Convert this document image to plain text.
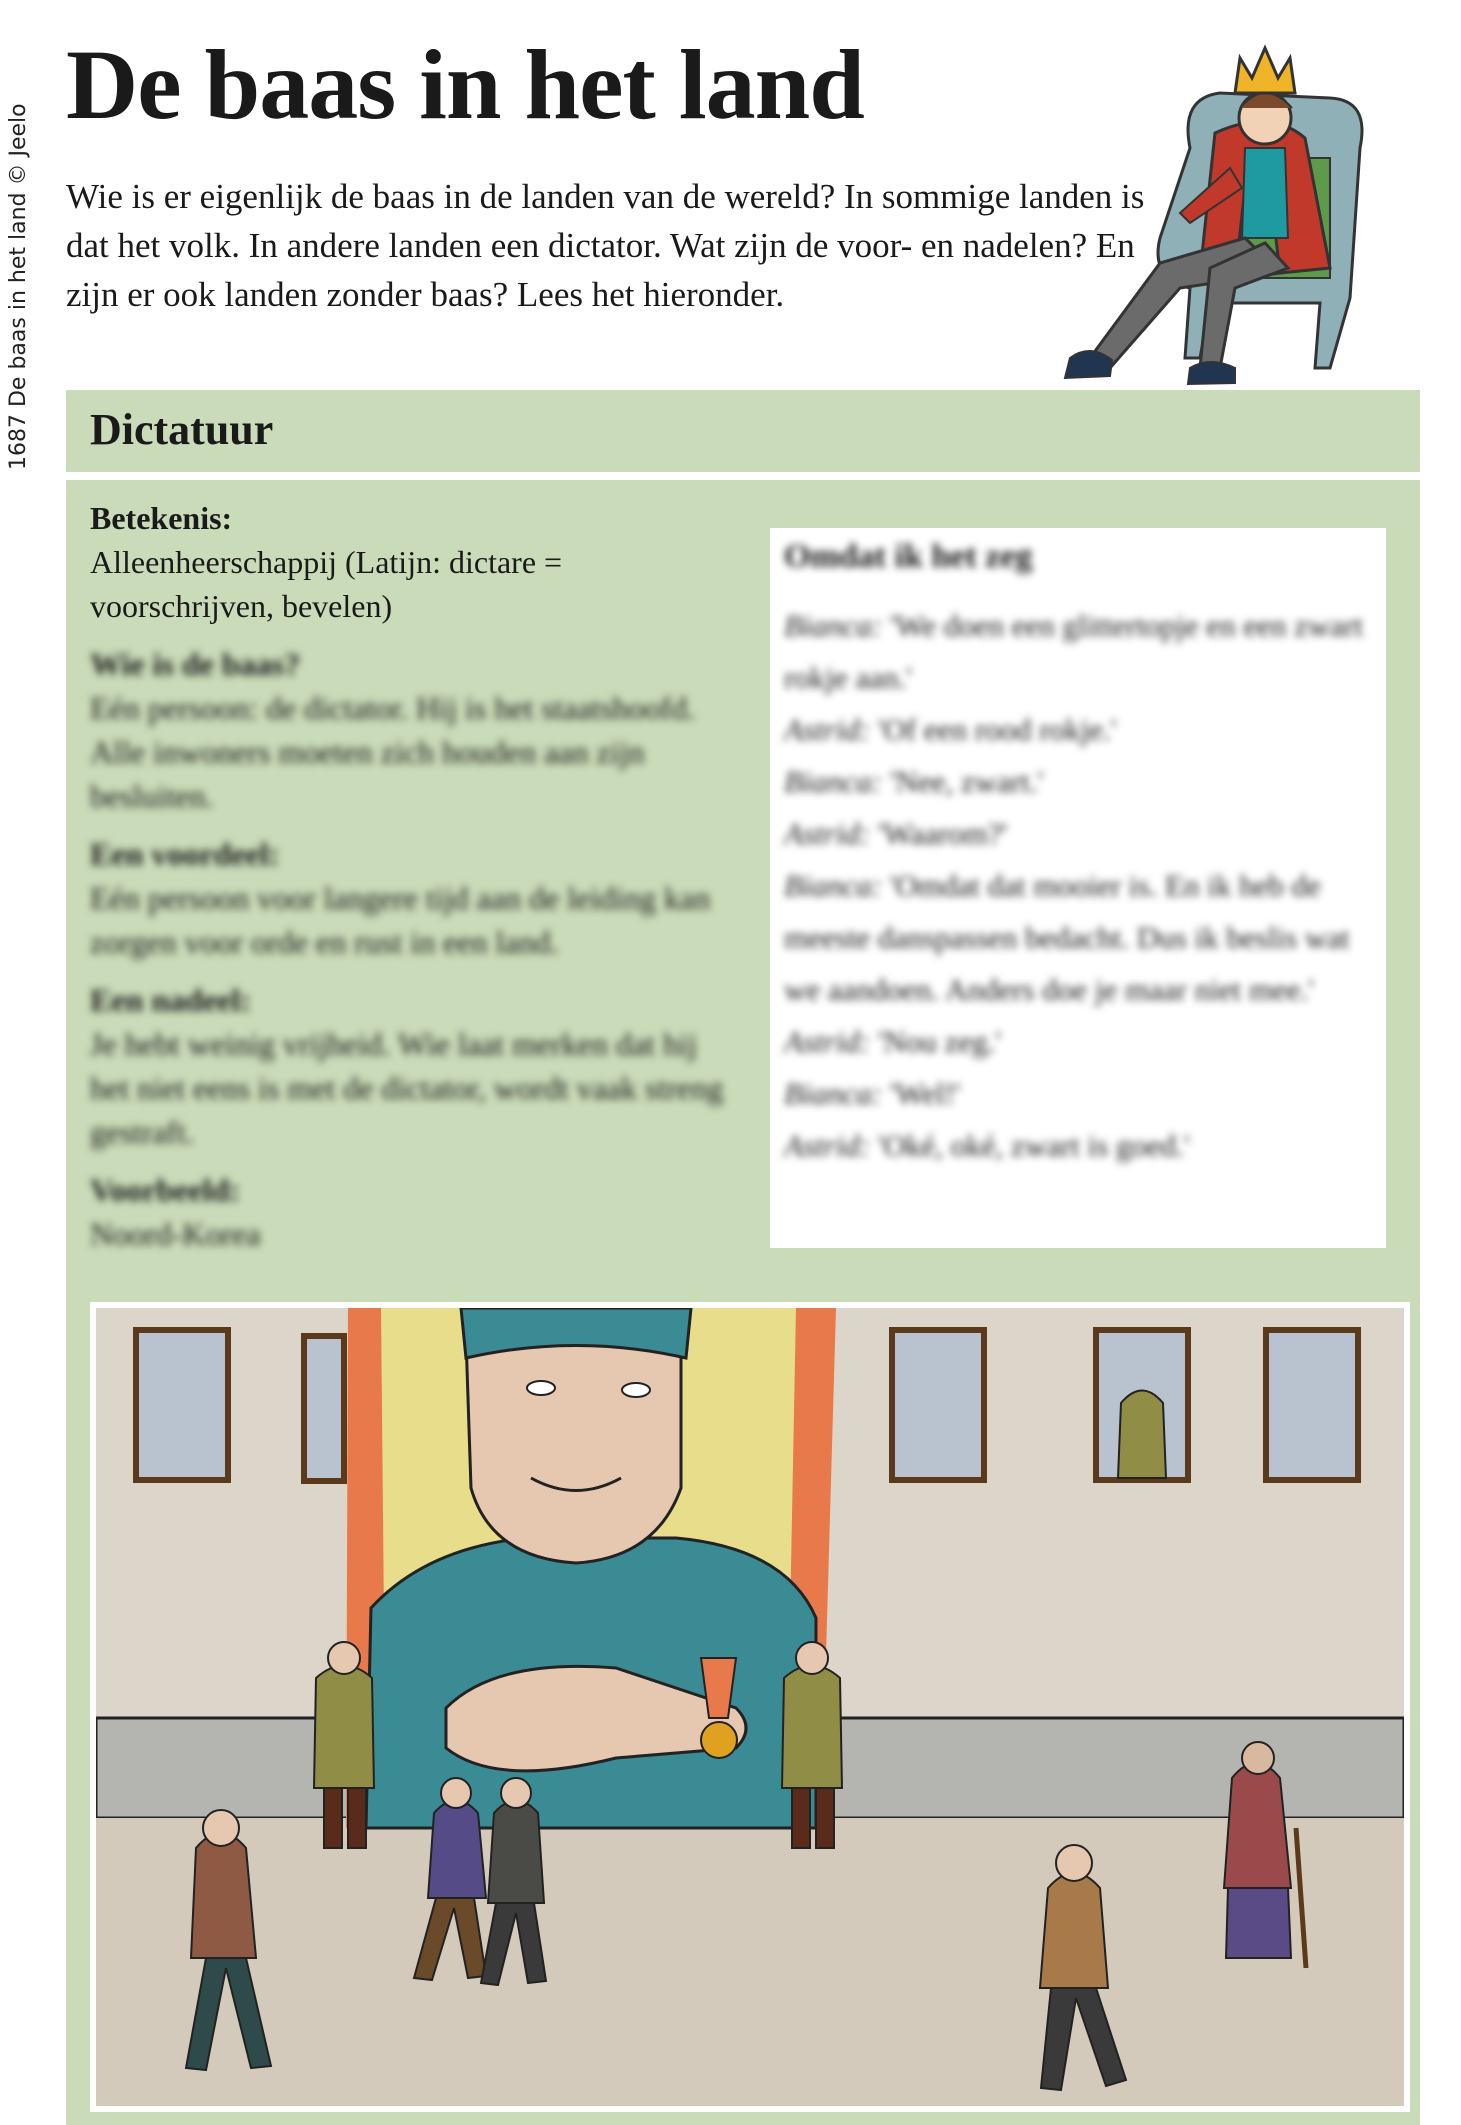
1687 De baas in het land © Jeelo
De baas in het land

Wie is er eigenlijk de baas in de landen van de wereld? In sommige landen is dat het volk. In andere landen een dictator. Wat zijn de voor- en nadelen? En zijn er ook landen zonder baas? Lees het hieronder.

Dictatuur
Betekenis:
Alleenheerschappij (Latijn: dictare = voorschrijven, bevelen)
Wie is de baas?
Eén persoon: de dictator. Hij is het staatshoofd. Alle inwoners moeten zich houden aan zijn besluiten.
Een voordeel:
Eén persoon voor langere tijd aan de leiding kan zorgen voor orde en rust in een land.
Een nadeel:
Je hebt weinig vrijheid. Wie laat merken dat hij het niet eens is met de dictator, wordt vaak streng gestraft.
Voorbeeld:
Noord-Korea
Omdat ik het zeg
Bianca: 'We doen een glittertopje en een zwart rokje aan.'
Astrid: 'Of een rood rokje.'
Bianca: 'Nee, zwart.'
Astrid: 'Waarom?'
Bianca: 'Omdat dat mooier is. En ik heb de meeste danspassen bedacht. Dus ik beslis wat we aandoen. Anders doe je maar niet mee.'
Astrid: 'Nou zeg.'
Bianca: 'Wel!'
Astrid: 'Oké, oké, zwart is goed.'
